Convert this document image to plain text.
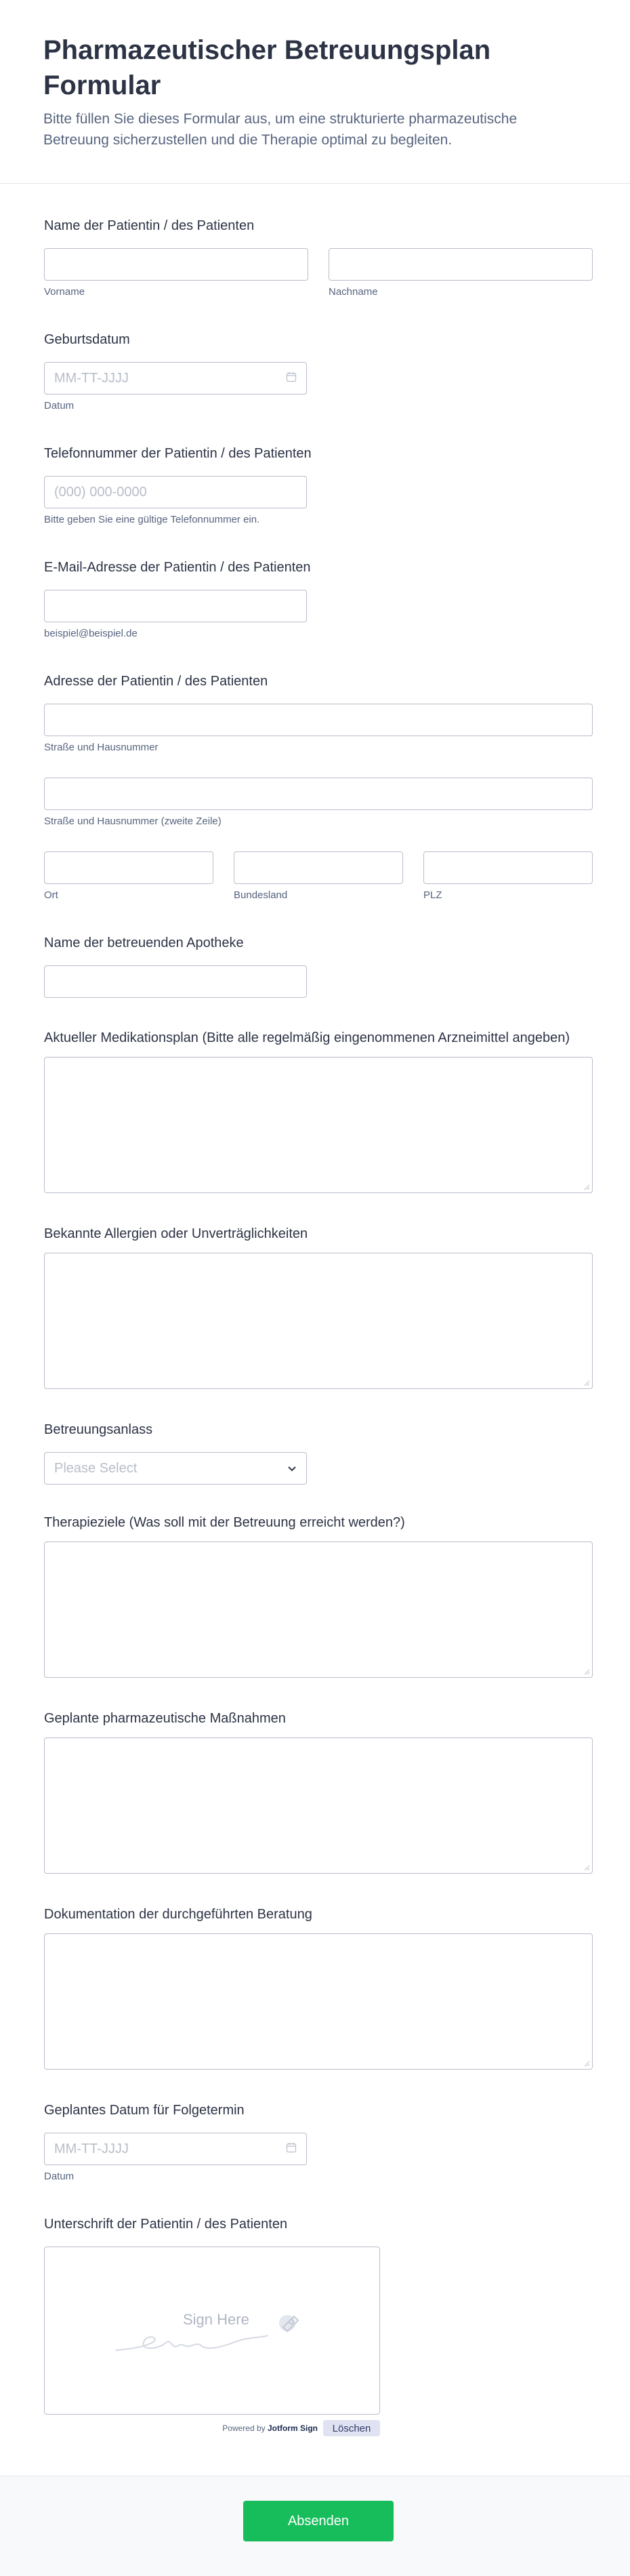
Pharmazeutischer Betreuungsplan Formular
Bitte füllen Sie dieses Formular aus, um eine strukturierte pharmazeutische Betreuung sicherzustellen und die Therapie optimal zu begleiten.
Name der Patientin / des Patienten
Vorname	Nachname
Geburtsdatum
MM-TT-JJJJ
Datum
Telefonnummer der Patientin / des Patienten
(000) 000-0000
Bitte geben Sie eine gültige Telefonnummer ein.
E-Mail-Adresse der Patientin / des Patienten
beispiel@beispiel.de
Adresse der Patientin / des Patienten
Straße und Hausnummer
Straße und Hausnummer (zweite Zeile)
Ort	Bundesland	PLZ
Name der betreuenden Apotheke
Aktueller Medikationsplan (Bitte alle regelmäßig eingenommenen Arzneimittel angeben)
Bekannte Allergien oder Unverträglichkeiten
Betreuungsanlass
Please Select
Therapieziele (Was soll mit der Betreuung erreicht werden?)
Geplante pharmazeutische Maßnahmen
Dokumentation der durchgeführten Beratung
Geplantes Datum für Folgetermin
MM-TT-JJJJ
Datum
Unterschrift der Patientin / des Patienten
Sign Here
Powered by Jotform Sign	Löschen
Absenden
